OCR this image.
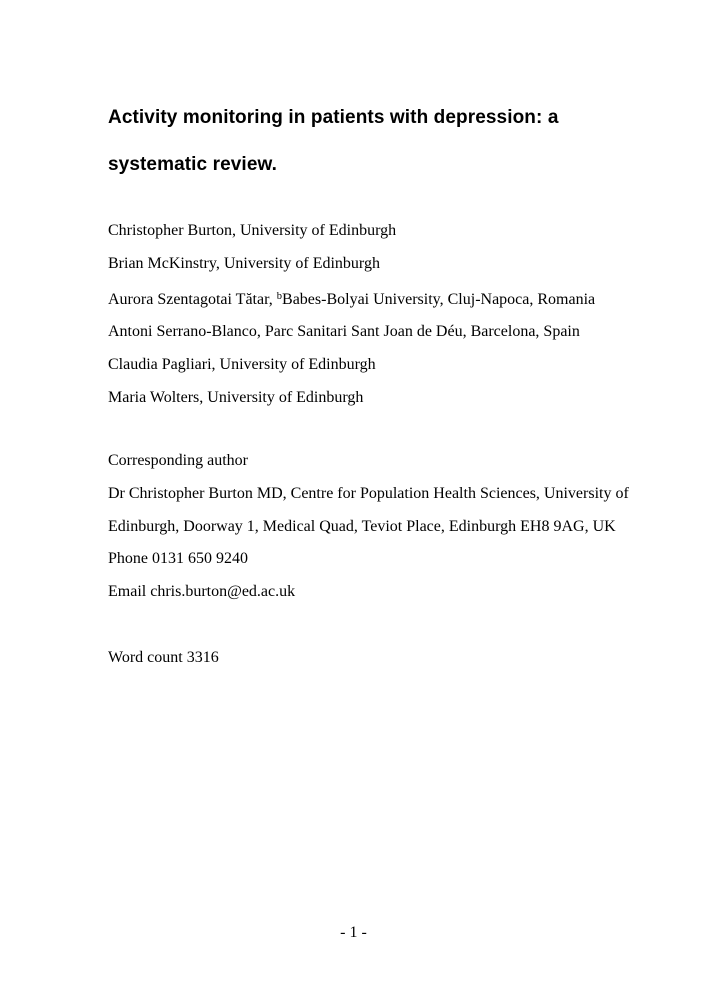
Activity monitoring in patients with depression: a
systematic review.
Christopher Burton, University of Edinburgh
Brian McKinstry, University of Edinburgh
Aurora Szentagotai Tătar, $^b$Babes-Bolyai University, Cluj-Napoca, Romania
Antoni Serrano-Blanco, Parc Sanitari Sant Joan de Déu, Barcelona, Spain
Claudia Pagliari, University of Edinburgh
Maria Wolters, University of Edinburgh
Corresponding author
Dr Christopher Burton MD, Centre for Population Health Sciences, University of
Edinburgh, Doorway 1, Medical Quad, Teviot Place, Edinburgh EH8 9AG, UK
Phone 0131 650 9240
Email chris.burton@ed.ac.uk
Word count 3316
- 1 -
